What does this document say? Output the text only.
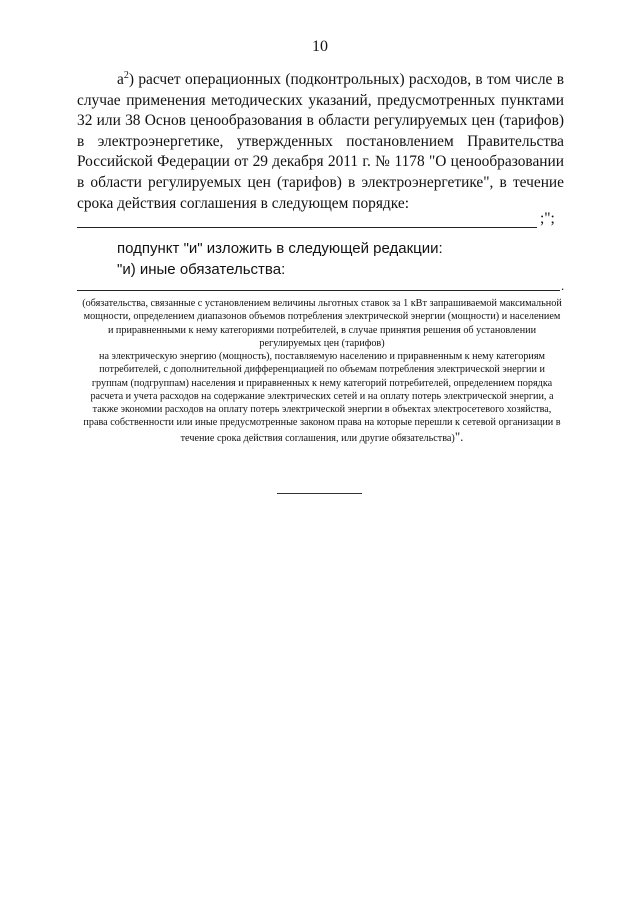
10

$а^2$) расчет операционных (подконтрольных) расходов, в том числе в случае применения методических указаний, предусмотренных пунктами 32 или 38 Основ ценообразования в области регулируемых цен (тарифов) в электроэнергетике, утвержденных постановлением Правительства Российской Федерации от 29 декабря 2011 г. № 1178 "О ценообразовании в области регулируемых цен (тарифов) в электроэнергетике", в течение срока действия соглашения в следующем порядке:

;";
подпункт "и" изложить в следующей редакции:
"и) иные обязательства:
.

(обязательства, связанные с установлением величины льготных ставок за 1 кВт запрашиваемой максимальной мощности, определением диапазонов объемов потребления электрической энергии (мощности) и населением и приравненными к нему категориями потребителей, в случае принятия решения об установлении регулируемых цен (тарифов)

на электрическую энергию (мощность), поставляемую населению и приравненным к нему категориям потребителей, с дополнительной дифференциацией по объемам потребления электрической энергии и группам (подгруппам) населения и приравненных к нему категорий потребителей, определением порядка расчета и учета расходов на содержание электрических сетей и на оплату потерь электрической энергии, а также экономии расходов на оплату потерь электрической энергии в объектах электросетевого хозяйства, права собственности или иные предусмотренные законом права на которые перешли к сетевой организации в течение срока действия соглашения, или другие обязательства)".
